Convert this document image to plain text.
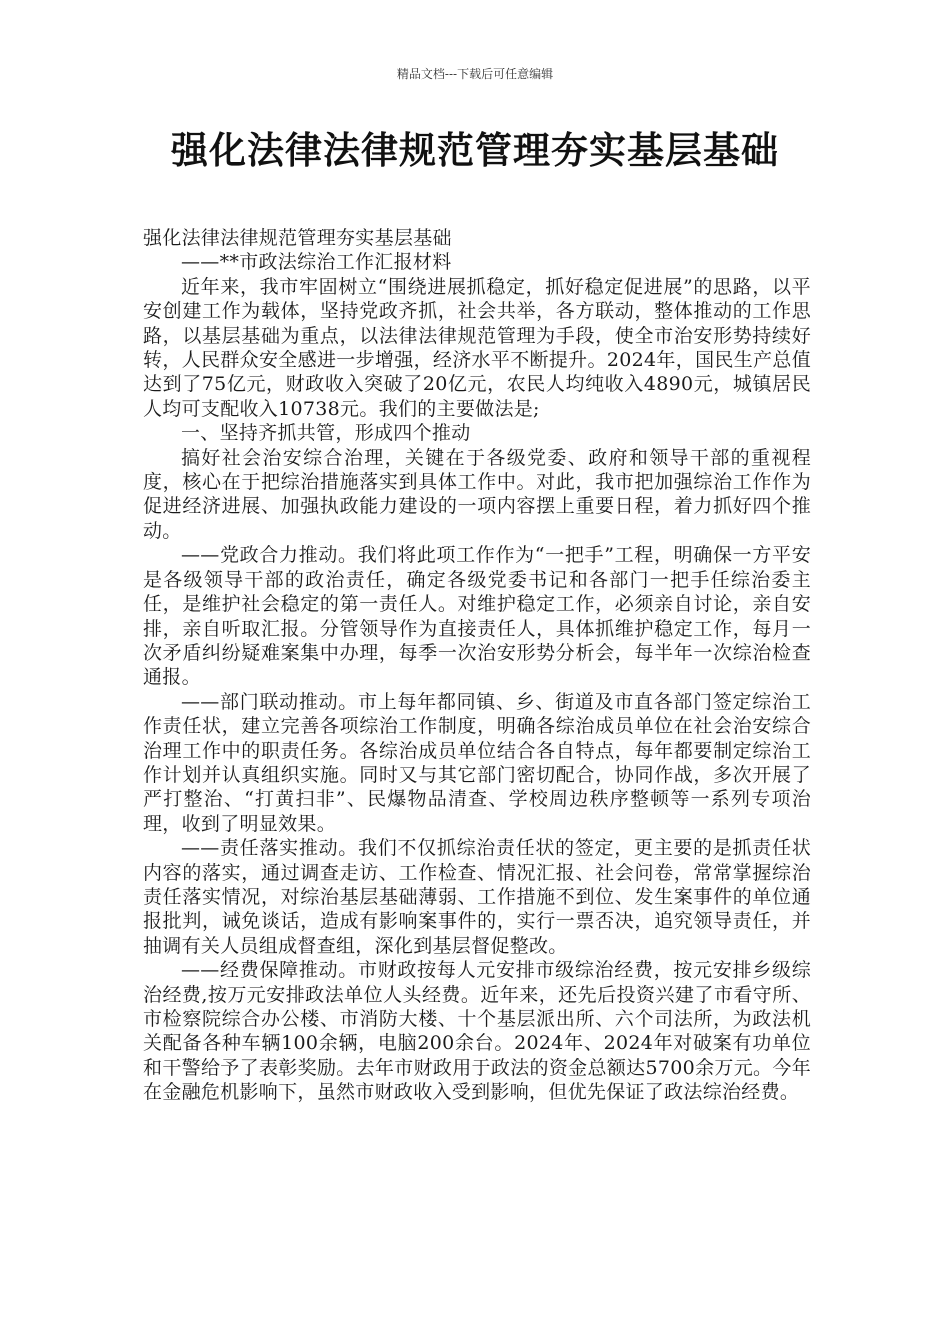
精品文档---下载后可任意编辑
强化法律法律规范管理夯实基层基础

强化法律法律规范管理夯实基层基础

——**市政法综治工作汇报材料

近年来，我市牢固树立“围绕进展抓稳定，抓好稳定促进展”的思路，以平安创建工作为载体，坚持党政齐抓，社会共举，各方联动，整体推动的工作思路，以基层基础为重点，以法律法律规范管理为手段，使全市治安形势持续好转，人民群众安全感进一步增强，经济水平不断提升。2024年，国民生产总值达到了75亿元，财政收入突破了20亿元，农民人均纯收入4890元，城镇居民人均可支配收入10738元。我们的主要做法是;

一、坚持齐抓共管，形成四个推动

搞好社会治安综合治理，关键在于各级党委、政府和领导干部的重视程度，核心在于把综治措施落实到具体工作中。对此，我市把加强综治工作作为促进经济进展、加强执政能力建设的一项内容摆上重要日程，着力抓好四个推动。

——党政合力推动。我们将此项工作作为“一把手”工程，明确保一方平安是各级领导干部的政治责任，确定各级党委书记和各部门一把手任综治委主任，是维护社会稳定的第一责任人。对维护稳定工作，必须亲自讨论，亲自安排，亲自听取汇报。分管领导作为直接责任人，具体抓维护稳定工作，每月一次矛盾纠纷疑难案集中办理，每季一次治安形势分析会，每半年一次综治检查通报。

——部门联动推动。市上每年都同镇、乡、街道及市直各部门签定综治工作责任状，建立完善各项综治工作制度，明确各综治成员单位在社会治安综合治理工作中的职责任务。各综治成员单位结合各自特点，每年都要制定综治工作计划并认真组织实施。同时又与其它部门密切配合，协同作战，多次开展了严打整治、“打黄扫非”、民爆物品清查、学校周边秩序整顿等一系列专项治理，收到了明显效果。

——责任落实推动。我们不仅抓综治责任状的签定，更主要的是抓责任状内容的落实，通过调查走访、工作检查、情况汇报、社会问卷，常常掌握综治责任落实情况，对综治基层基础薄弱、工作措施不到位、发生案事件的单位通报批判，诫免谈话，造成有影响案事件的，实行一票否决，追究领导责任，并抽调有关人员组成督查组，深化到基层督促整改。

——经费保障推动。市财政按每人元安排市级综治经费，按元安排乡级综治经费,按万元安排政法单位人头经费。近年来，还先后投资兴建了市看守所、市检察院综合办公楼、市消防大楼、十个基层派出所、六个司法所，为政法机关配备各种车辆100余辆，电脑200余台。2024年、2024年对破案有功单位和干警给予了表彰奖励。去年市财政用于政法的资金总额达5700余万元。今年在金融危机影响下，虽然市财政收入受到影响，但优先保证了政法综治经费。
